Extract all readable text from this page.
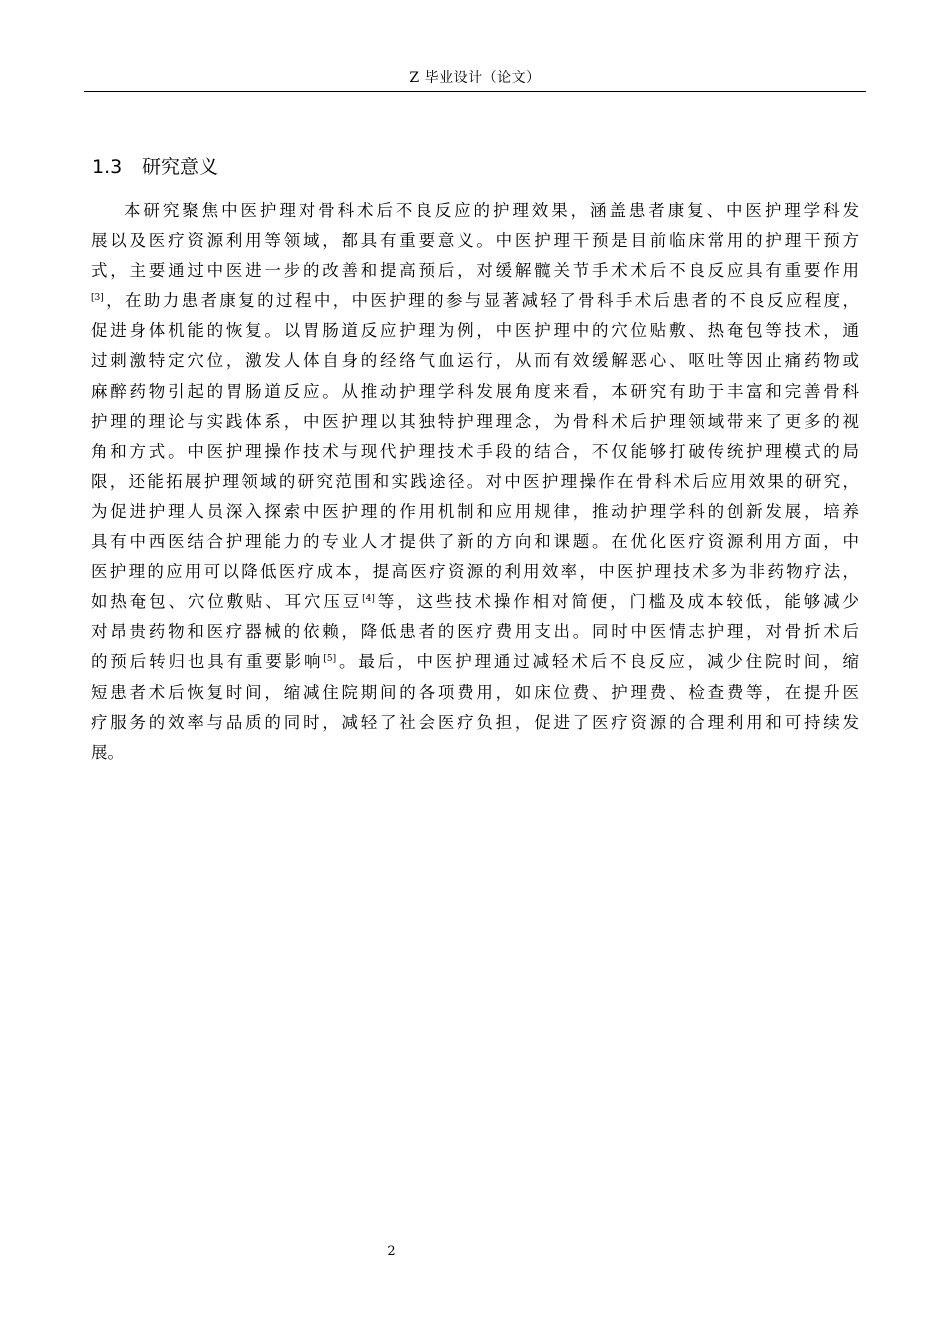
Z 毕业设计（论文）
1.3 研究意义

本研究聚焦中医护理对骨科术后不良反应的护理效果，涵盖患者康复、中医护理学科发
展以及医疗资源利用等领域，都具有重要意义。中医护理干预是目前临床常用的护理干预方
式，主要通过中医进一步的改善和提高预后，对缓解髋关节手术术后不良反应具有重要作用
[3]，在助力患者康复的过程中，中医护理的参与显著减轻了骨科手术后患者的不良反应程度，
促进身体机能的恢复。以胃肠道反应护理为例，中医护理中的穴位贴敷、热奄包等技术，通
过刺激特定穴位，激发人体自身的经络气血运行，从而有效缓解恶心、呕吐等因止痛药物或
麻醉药物引起的胃肠道反应。从推动护理学科发展角度来看，本研究有助于丰富和完善骨科
护理的理论与实践体系，中医护理以其独特护理理念，为骨科术后护理领域带来了更多的视
角和方式。中医护理操作技术与现代护理技术手段的结合，不仅能够打破传统护理模式的局
限，还能拓展护理领域的研究范围和实践途径。对中医护理操作在骨科术后应用效果的研究，
为促进护理人员深入探索中医护理的作用机制和应用规律，推动护理学科的创新发展，培养
具有中西医结合护理能力的专业人才提供了新的方向和课题。在优化医疗资源利用方面，中
医护理的应用可以降低医疗成本，提高医疗资源的利用效率，中医护理技术多为非药物疗法，
如热奄包、穴位敷贴、耳穴压豆[4]等，这些技术操作相对简便，门槛及成本较低，能够减少
对昂贵药物和医疗器械的依赖，降低患者的医疗费用支出。同时中医情志护理，对骨折术后
的预后转归也具有重要影响[5]。最后，中医护理通过减轻术后不良反应，减少住院时间，缩
短患者术后恢复时间，缩减住院期间的各项费用，如床位费、护理费、检查费等，在提升医
疗服务的效率与品质的同时，减轻了社会医疗负担，促进了医疗资源的合理利用和可持续发
展。

2
